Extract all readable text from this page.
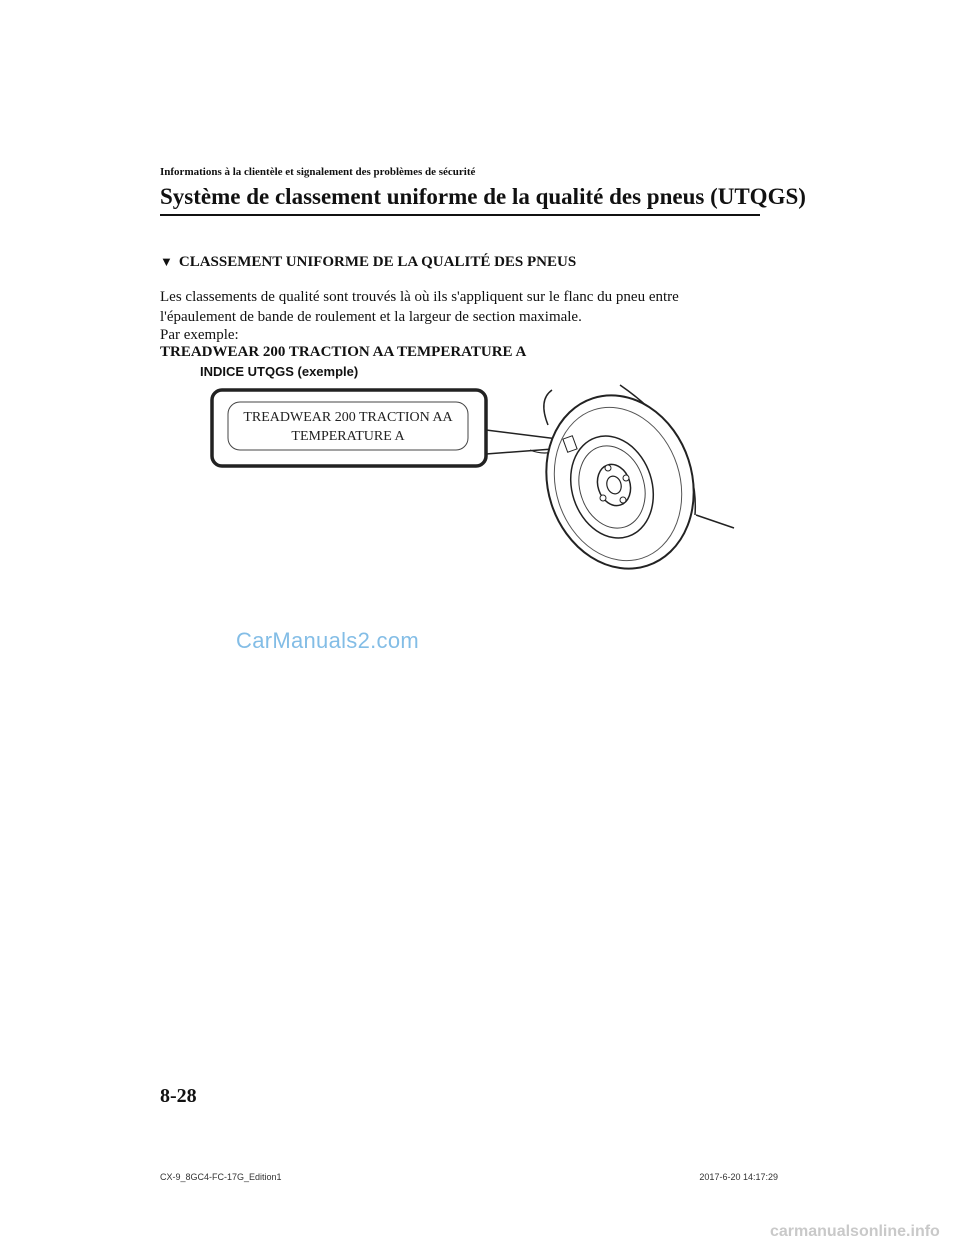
Informations à la clientèle et signalement des problèmes de sécurité
Système de classement uniforme de la qualité des pneus (UTQGS)
▼ CLASSEMENT UNIFORME DE LA QUALITÉ DES PNEUS
Les classements de qualité sont trouvés là où ils s'appliquent sur le flanc du pneu entre
l'épaulement de bande de roulement et la largeur de section maximale.
Par exemple:
TREADWEAR 200 TRACTION AA TEMPERATURE A
INDICE UTQGS (exemple)
TREADWEAR 200 TRACTION AA
TEMPERATURE A
CarManuals2.com
8-28
CX-9_8GC4-FC-17G_Edition1	2017-6-20 14:17:29
carmanualsonline.info
